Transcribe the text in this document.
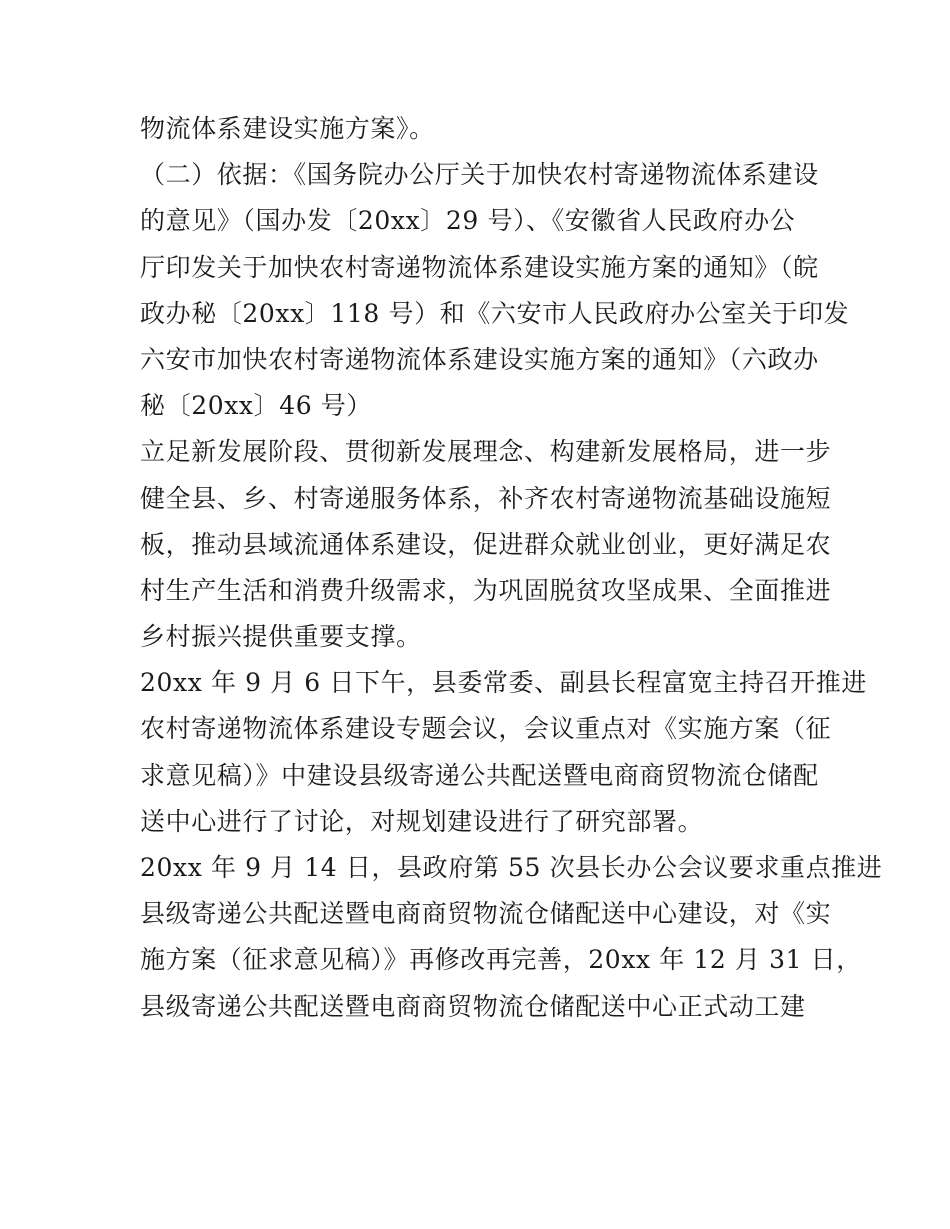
物流体系建设实施方案》。
（二）依据：《国务院办公厅关于加快农村寄递物流体系建设
的意见》（国办发〔20xx〕29 号）、《安徽省人民政府办公
厅印发关于加快农村寄递物流体系建设实施方案的通知》（皖
政办秘〔20xx〕118 号）和《六安市人民政府办公室关于印发
六安市加快农村寄递物流体系建设实施方案的通知》（六政办
秘〔20xx〕46 号）
立足新发展阶段、贯彻新发展理念、构建新发展格局，进一步
健全县、乡、村寄递服务体系，补齐农村寄递物流基础设施短
板，推动县域流通体系建设，促进群众就业创业，更好满足农
村生产生活和消费升级需求，为巩固脱贫攻坚成果、全面推进
乡村振兴提供重要支撑。
20xx 年 9 月 6 日下午，县委常委、副县长程富宽主持召开推进
农村寄递物流体系建设专题会议，会议重点对《实施方案（征
求意见稿）》中建设县级寄递公共配送暨电商商贸物流仓储配
送中心进行了讨论，对规划建设进行了研究部署。
20xx 年 9 月 14 日，县政府第 55 次县长办公会议要求重点推进
县级寄递公共配送暨电商商贸物流仓储配送中心建设，对《实
施方案（征求意见稿）》再修改再完善，20xx 年 12 月 31 日，
县级寄递公共配送暨电商商贸物流仓储配送中心正式动工建
